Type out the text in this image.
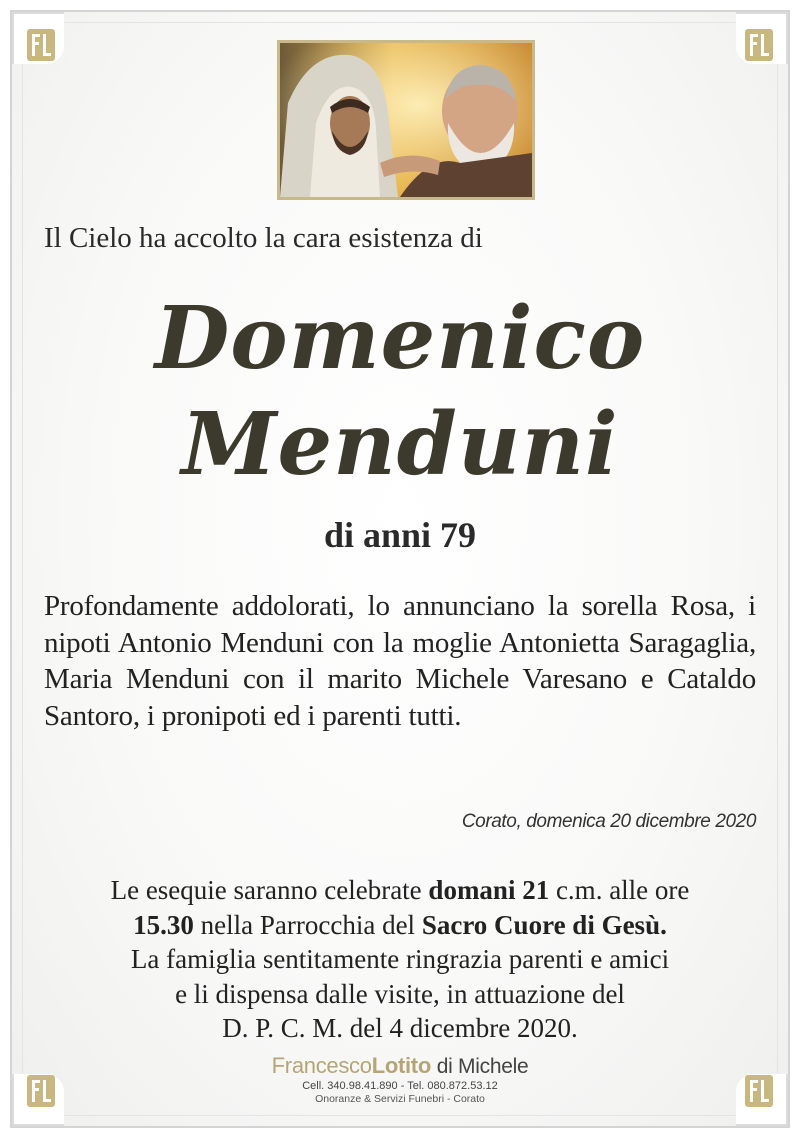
Il Cielo ha accolto la cara esistenza di
Domenico
Menduni
di anni 79
Profondamente addolorati, lo annunciano la sorella Rosa, i nipoti Antonio Menduni con la moglie Antonietta Saragaglia, Maria Menduni con il marito Michele Varesano e Cataldo Santoro, i pronipoti ed i parenti tutti.
Corato, domenica 20 dicembre 2020
Le esequie saranno celebrate domani 21 c.m. alle ore
15.30 nella Parrocchia del Sacro Cuore di Gesù.
La famiglia sentitamente ringrazia parenti e amici
e li dispensa dalle visite, in attuazione del
D. P. C. M. del 4 dicembre 2020.
FrancescoLotito di Michele
Cell. 340.98.41.890 - Tel. 080.872.53.12
Onoranze & Servizi Funebri - Corato
